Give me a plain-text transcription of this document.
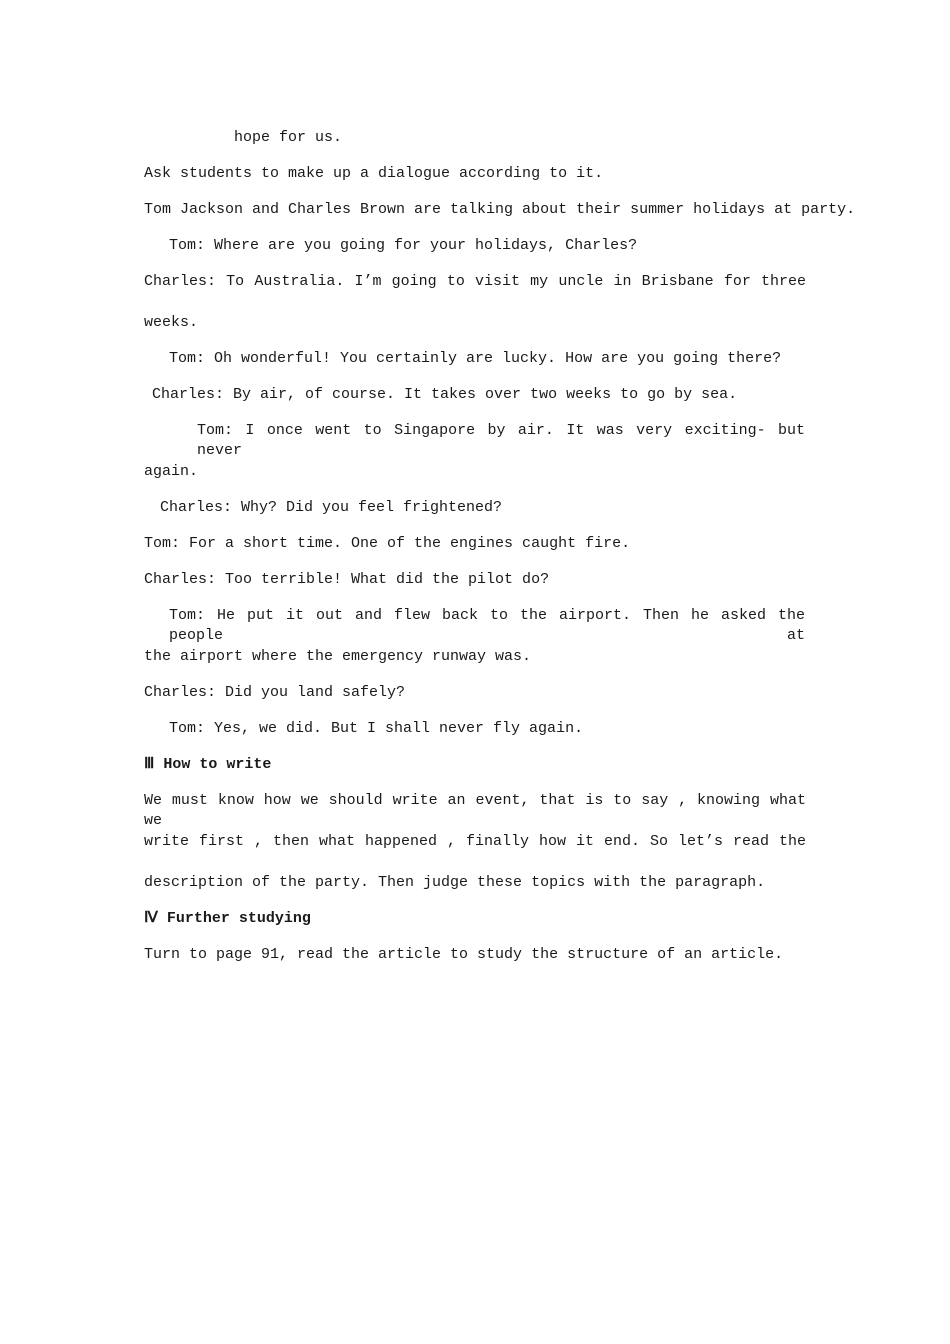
hope for us.
Ask students to make up a dialogue according to it.
Tom Jackson and Charles Brown are talking about their summer holidays at party.
Tom: Where are you going for your holidays, Charles?
Charles: To Australia. I’m going to visit my uncle in Brisbane for three
weeks.
Tom: Oh wonderful! You certainly are lucky. How are you going there?
Charles: By air, of course. It takes over two weeks to go by sea.
Tom: I once went to Singapore by air. It was very exciting- but never
again.
Charles: Why? Did you feel frightened?
Tom: For a short time. One of the engines caught fire.
Charles: Too terrible! What did the pilot do?
Tom: He put it out and flew back to the airport. Then he asked the people at
the airport where the emergency runway was.
Charles: Did you land safely?
Tom: Yes, we did. But I shall never fly again.
Ⅲ How to write
We must know how we should write an event, that is to say , knowing what we
write first , then what happened , finally how it end. So let’s read the
description of the party. Then judge these topics with the paragraph.
Ⅳ Further studying
Turn to page 91, read the article to study the structure of an article.
